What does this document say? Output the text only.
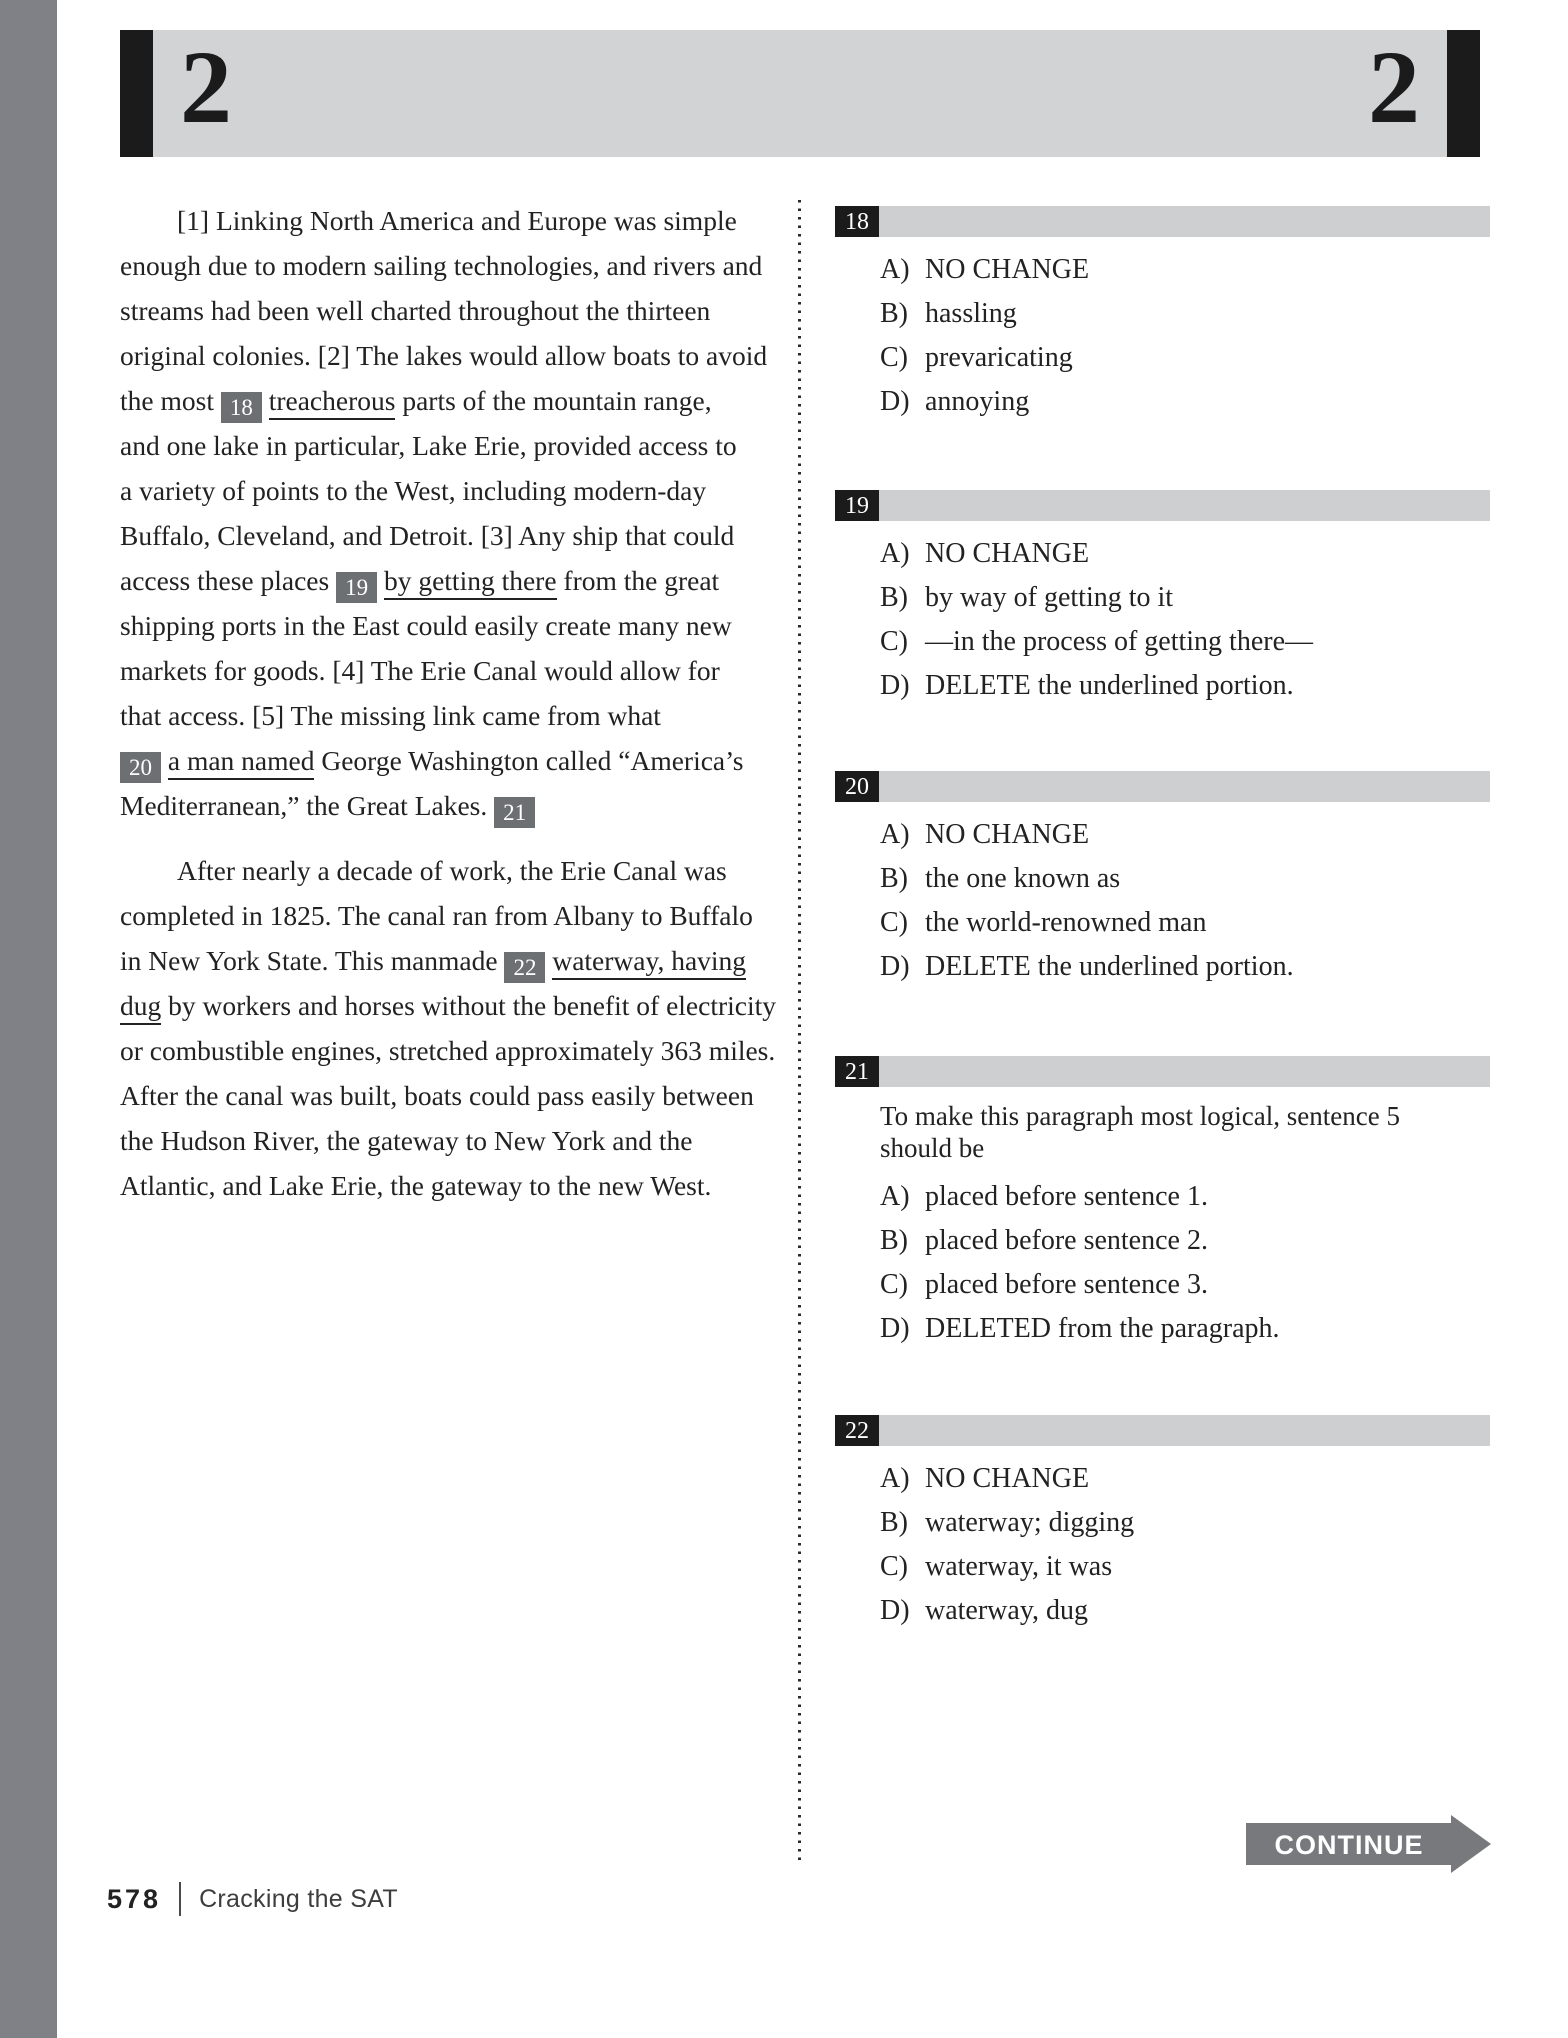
2	2
[1] Linking North America and Europe was simple
enough due to modern sailing technologies, and rivers and
streams had been well charted throughout the thirteen
original colonies. [2] The lakes would allow boats to avoid
the most 18 treacherous parts of the mountain range,
and one lake in particular, Lake Erie, provided access to
a variety of points to the West, including modern-day
Buffalo, Cleveland, and Detroit. [3] Any ship that could
access these places 19 by getting there from the great
shipping ports in the East could easily create many new
markets for goods. [4] The Erie Canal would allow for
that access. [5] The missing link came from what
20 a man named George Washington called “America’s
Mediterranean,” the Great Lakes. 21
After nearly a decade of work, the Erie Canal was
completed in 1825. The canal ran from Albany to Buffalo
in New York State. This manmade 22 waterway, having
dug by workers and horses without the benefit of electricity
or combustible engines, stretched approximately 363 miles.
After the canal was built, boats could pass easily between
the Hudson River, the gateway to New York and the
Atlantic, and Lake Erie, the gateway to the new West.
18
A) NO CHANGE
B) hassling
C) prevaricating
D) annoying
19
A) NO CHANGE
B) by way of getting to it
C) —in the process of getting there—
D) DELETE the underlined portion.
20
A) NO CHANGE
B) the one known as
C) the world-renowned man
D) DELETE the underlined portion.
21
To make this paragraph most logical, sentence 5
should be
A) placed before sentence 1.
B) placed before sentence 2.
C) placed before sentence 3.
D) DELETED from the paragraph.
22
A) NO CHANGE
B) waterway; digging
C) waterway, it was
D) waterway, dug
CONTINUE
578 Cracking the SAT
